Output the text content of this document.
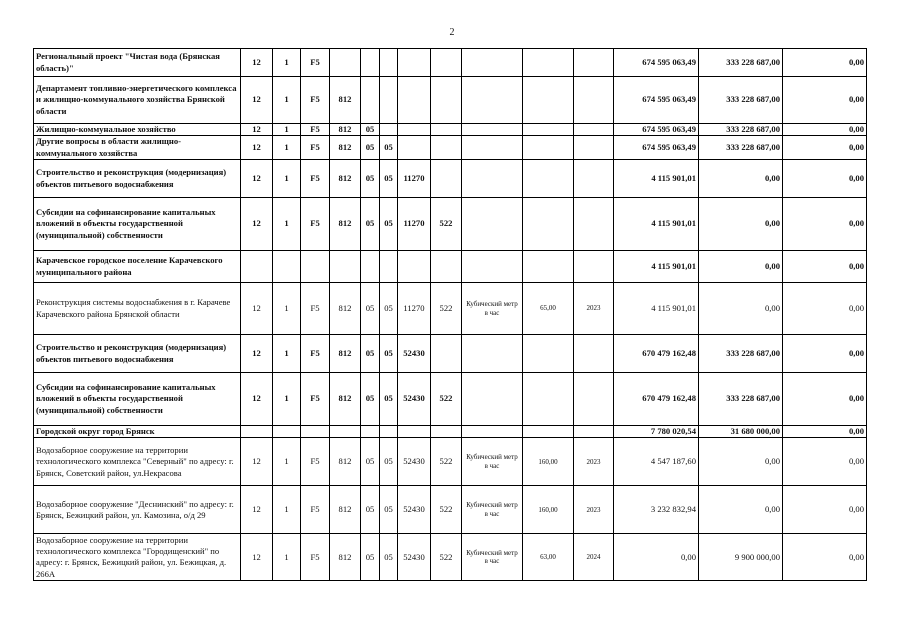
2
Региональный проект "Чистая вода (Брянская область)"	12	1	F5									674 595 063,49	333 228 687,00	0,00
Департамент топливно-энергетического комплекса и жилищно-коммунального хозяйства Брянской области	12	1	F5	812								674 595 063,49	333 228 687,00	0,00
Жилищно-коммунальное хозяйство	12	1	F5	812	05							674 595 063,49	333 228 687,00	0,00
Другие вопросы в области жилищно-коммунального хозяйства	12	1	F5	812	05	05						674 595 063,49	333 228 687,00	0,00
Строительство и реконструкция (модернизация) объектов питьевого водоснабжения	12	1	F5	812	05	05	11270					4 115 901,01	0,00	0,00
Субсидии на софинансирование капитальных вложений в объекты государственной (муниципальной) собственности	12	1	F5	812	05	05	11270	522				4 115 901,01	0,00	0,00
Карачевское городское поселение Карачевского муниципального района												4 115 901,01	0,00	0,00
Реконструкция системы водоснабжения в г. Карачеве Карачевского района Брянской области	12	1	F5	812	05	05	11270	522	Кубический метр в час	65,00	2023	4 115 901,01	0,00	0,00
Строительство и реконструкция (модернизация) объектов питьевого водоснабжения	12	1	F5	812	05	05	52430					670 479 162,48	333 228 687,00	0,00
Субсидии на софинансирование капитальных вложений в объекты государственной (муниципальной) собственности	12	1	F5	812	05	05	52430	522				670 479 162,48	333 228 687,00	0,00
Городской округ город Брянск												7 780 020,54	31 680 000,00	0,00
Водозаборное сооружение на территории технологического комплекса "Северный" по адресу: г. Брянск, Советский район, ул.Некрасова	12	1	F5	812	05	05	52430	522	Кубический метр в час	160,00	2023	4 547 187,60	0,00	0,00
Водозаборное сооружение "Деснинский" по адресу: г. Брянск, Бежицкий район, ул. Камозина, о/д 29	12	1	F5	812	05	05	52430	522	Кубический метр в час	160,00	2023	3 232 832,94	0,00	0,00
Водозаборное сооружение на территории технологического комплекса "Городищенский" по адресу: г. Брянск, Бежицкий район, ул. Бежицкая, д. 266А	12	1	F5	812	05	05	52430	522	Кубический метр в час	63,00	2024	0,00	9 900 000,00	0,00
